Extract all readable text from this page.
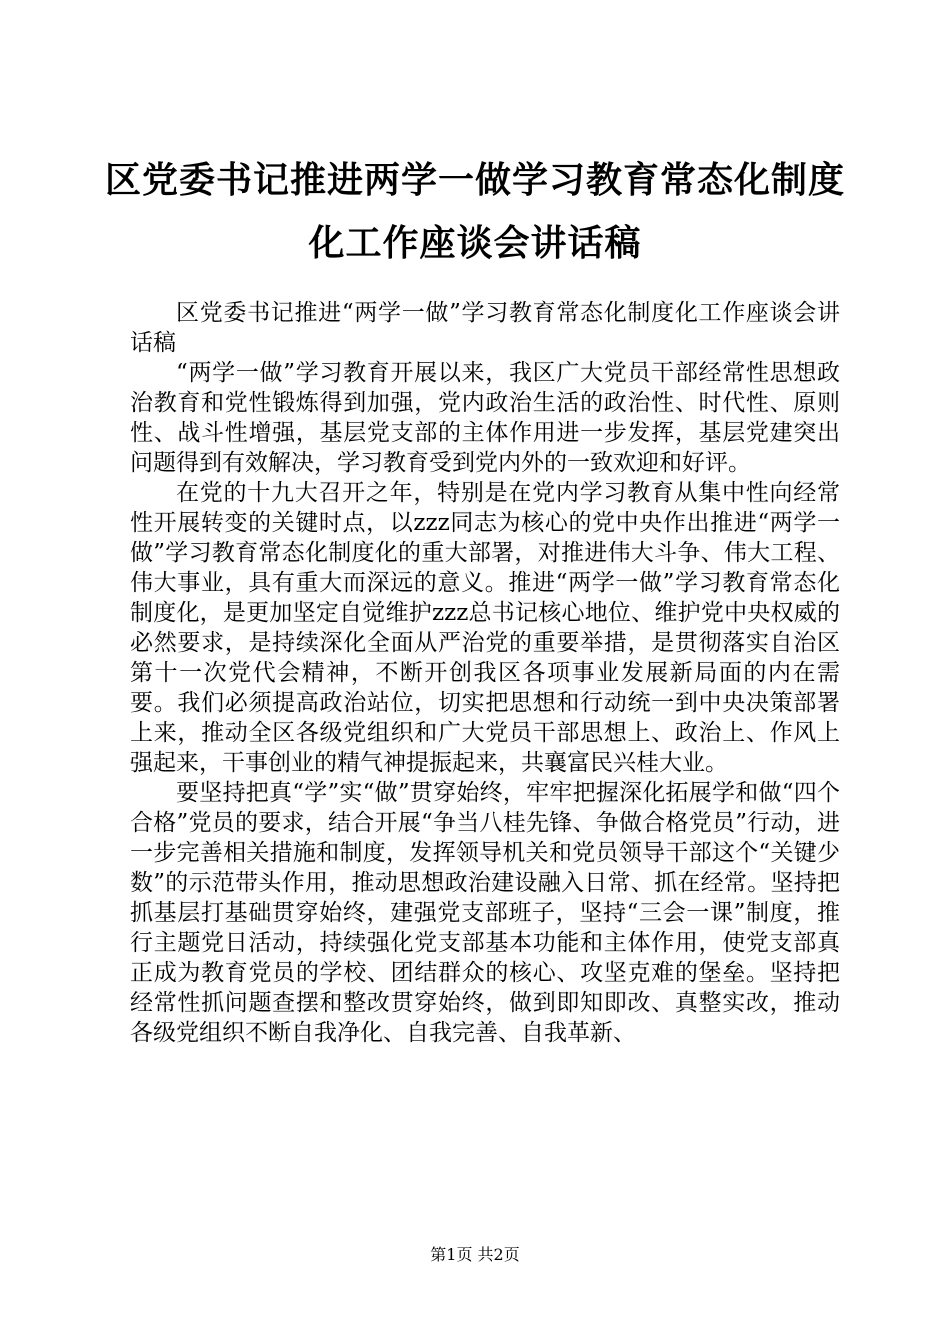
区党委书记推进两学一做学习教育常态化制度
化工作座谈会讲话稿

区党委书记推进“两学一做”学习教育常态化制度化工作座谈会讲话稿

“两学一做”学习教育开展以来，我区广大党员干部经常性思想政治教育和党性锻炼得到加强，党内政治生活的政治性、时代性、原则性、战斗性增强，基层党支部的主体作用进一步发挥，基层党建突出问题得到有效解决，学习教育受到党内外的一致欢迎和好评。

在党的十九大召开之年，特别是在党内学习教育从集中性向经常性开展转变的关键时点，以zzz同志为核心的党中央作出推进“两学一做”学习教育常态化制度化的重大部署，对推进伟大斗争、伟大工程、伟大事业，具有重大而深远的意义。推进“两学一做”学习教育常态化制度化，是更加坚定自觉维护zzz总书记核心地位、维护党中央权威的必然要求，是持续深化全面从严治党的重要举措，是贯彻落实自治区第十一次党代会精神，不断开创我区各项事业发展新局面的内在需要。我们必须提高政治站位，切实把思想和行动统一到中央决策部署上来，推动全区各级党组织和广大党员干部思想上、政治上、作风上强起来，干事创业的精气神提振起来，共襄富民兴桂大业。

要坚持把真“学”实“做”贯穿始终，牢牢把握深化拓展学和做“四个合格”党员的要求，结合开展“争当八桂先锋、争做合格党员”行动，进一步完善相关措施和制度，发挥领导机关和党员领导干部这个“关键少数”的示范带头作用，推动思想政治建设融入日常、抓在经常。坚持把抓基层打基础贯穿始终，建强党支部班子，坚持“三会一课”制度，推行主题党日活动，持续强化党支部基本功能和主体作用，使党支部真正成为教育党员的学校、团结群众的核心、攻坚克难的堡垒。坚持把经常性抓问题查摆和整改贯穿始终，做到即知即改、真整实改，推动各级党组织不断自我净化、自我完善、自我革新、

第1页 共2页
